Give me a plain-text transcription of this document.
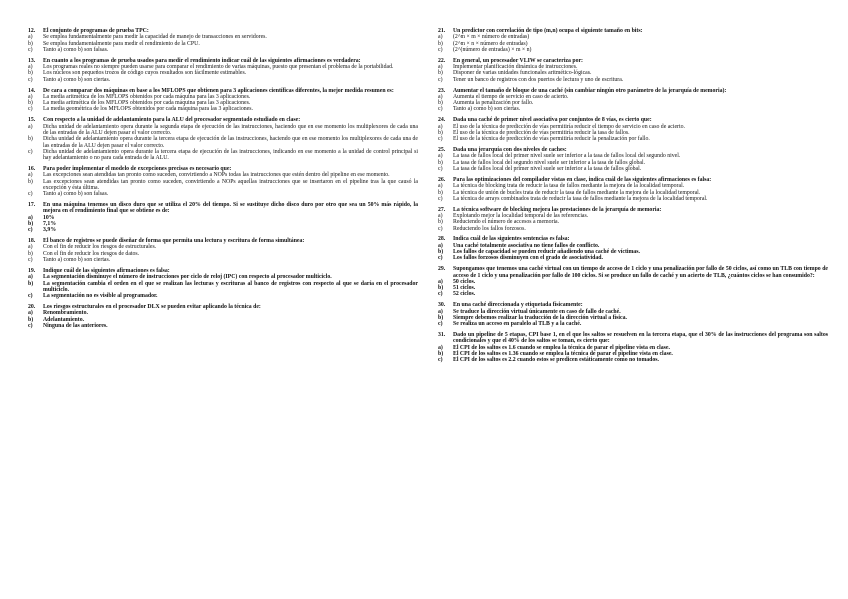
12.	El conjunto de programas de prueba TPC:
a)	Se emplea fundamentalmente para medir la capacidad de manejo de transacciones en servidores.
b)	Se emplea fundamentalmente para medir el rendimiento de la CPU.
c)	Tanto a) como b) son falsas.
13.	En cuanto a los programas de prueba usados para medir el rendimiento indicar cuál de las siguientes afirmaciones es verdadera:
a)	Los programas reales no siempre pueden usarse para comparar el rendimiento de varias máquinas, puesto que presentan el problema de la portabilidad.
b)	Los núcleos son pequeños trozos de código cuyos resultados son fácilmente estimables.
c)	Tanto a) como b) son ciertas.
14.	De cara a comparar dos máquinas en base a los MFLOPS que obtienen para 3 aplicaciones científicas diferentes, la mejor medida resumen es:
a)	La media aritmética de los MFLOPS obtenidos por cada máquina para las 3 aplicaciones.
b)	La media aritmética de los MFLOPS obtenidos por cada máquina para las 3 aplicaciones.
c)	La media geométrica de los MFLOPS obtenidos por cada máquina para las 3 aplicaciones.
15.	Con respecto a la unidad de adelantamiento para la ALU del procesador segmentado estudiado en clase:
a)	Dicha unidad de adelantamiento opera durante la segunda etapa de ejecución de las instrucciones, haciendo que en ese momento los multiplexores de cada una de las entradas de la ALU dejen pasar el valor correcto.
b)	Dicha unidad de adelantamiento opera durante la tercera etapa de ejecución de las instrucciones, haciendo que en ese momento los multiplexores de cada una de las entradas de la ALU dejen pasar el valor correcto.
c)	Dicha unidad de adelantamiento opera durante la tercera etapa de ejecución de las instrucciones, indicando en ese momento a la unidad de control principal si hay adelantamiento o no para cada entrada de la ALU.
16.	Para poder implementar el modelo de excepciones precisas es necesario que:
a)	Las excepciones sean atendidas tan pronto como suceden, convirtiendo a NOPs todas las instrucciones que estén dentro del pipeline en ese momento.
b)	Las excepciones sean atendidas tan pronto como suceden, convirtiendo a NOPs aquellas instrucciones que se insertaron en el pipeline tras la que causó la excepción y ésta última.
c)	Tanto a) como b) son falsas.
17.	En una máquina tenemos un disco duro que se utiliza el 20% del tiempo. Si se sustituye dicho disco duro por otro que sea un 50% más rápido, la mejora en el rendimiento final que se obtiene es de:
a)	10%
b)	7,1%
c)	3,9%
18.	El banco de registros se puede diseñar de forma que permita una lectura y escritura de forma simultánea:
a)	Con el fin de reducir los riesgos de estructurales.
b)	Con el fin de reducir los riesgos de datos.
c)	Tanto a) como b) son ciertas.
19.	Indique cuál de las siguientes afirmaciones es falsa:
a)	La segmentación disminuye el número de instrucciones por ciclo de reloj (IPC) con respecto al procesador multiciclo.
b)	La segmentación cambia el orden en el que se realizan las lecturas y escrituras al banco de registros con respecto al que se daría en el procesador multiciclo.
c)	La segmentación no es visible al programador.
20.	Los riesgos estructurales en el procesador DLX se pueden evitar aplicando la técnica de:
a)	Renombramiento.
b)	Adelantamiento.
c)	Ninguna de las anteriores.
21.	Un predictor con correlación de tipo (m,n) ocupa el siguiente tamaño en bits:
a)	(2^m × m × número de entradas)
b)	(2^m × n × número de entradas)
c)	(2^(número de entradas) × m × n)
22.	En general, un procesador VLIW se caracteriza por:
a)	Implementar planificación dinámica de instrucciones.
b)	Disponer de varias unidades funcionales aritmético-lógicas.
c)	Tener un banco de registros con dos puertos de lectura y uno de escritura.
23.	Aumentar el tamaño de bloque de una caché (sin cambiar ningún otro parámetro de la jerarquía de memoria):
a)	Aumenta el tiempo de servicio en caso de acierto.
b)	Aumenta la penalización por fallo.
c)	Tanto a) como b) son ciertas.
24.	Dada una caché de primer nivel asociativa por conjuntos de 8 vías, es cierto que:
a)	El uso de la técnica de predicción de vías permitiría reducir el tiempo de servicio en caso de acierto.
b)	El uso de la técnica de predicción de vías permitiría reducir la tasa de fallos.
c)	El uso de la técnica de predicción de vías permitiría reducir la penalización por fallo.
25.	Dada una jerarquía con dos niveles de caches:
a)	La tasa de fallos local del primer nivel suele ser inferior a la tasa de fallos local del segundo nivel.
b)	La tasa de fallos local del segundo nivel suele ser inferior a la tasa de fallos global.
c)	La tasa de fallos local del primer nivel suele ser inferior a la tasa de fallos global.
26.	Para las optimizaciones del compilador vistas en clase, indica cuál de las siguientes afirmaciones es falsa:
a)	La técnica de blocking trata de reducir la tasa de fallos mediante la mejora de la localidad temporal.
b)	La técnica de unión de bucles trata de reducir la tasa de fallos mediante la mejora de la localidad temporal.
c)	La técnica de arrays combinados trata de reducir la tasa de fallos mediante la mejora de la localidad temporal.
27.	La técnica software de blocking mejora las prestaciones de la jerarquía de memoria:
a)	Explotando mejor la localidad temporal de las referencias.
b)	Reduciendo el número de accesos a memoria.
c)	Reduciendo los fallos forzosos.
28.	Indica cuál de las siguientes sentencias es falsa:
a)	Una caché totalmente asociativa no tiene fallos de conflicto.
b)	Los fallos de capacidad se pueden reducir añadiendo una caché de víctimas.
c)	Los fallos forzosos disminuyen con el grado de asociatividad.
29.	Supongamos que tenemos una caché virtual con un tiempo de acceso de 1 ciclo y una penalización por fallo de 50 ciclos, así como un TLB con tiempo de acceso de 1 ciclo y una penalización por fallo de 100 ciclos. Si se produce un fallo de caché y un acierto de TLB, ¿cuántos ciclos se han consumido?:
a)	50 ciclos.
b)	51 ciclos.
c)	52 ciclos.
30.	En una caché direccionada y etiquetada físicamente:
a)	Se traduce la dirección virtual únicamente en caso de fallo de caché.
b)	Siempre debemos realizar la traducción de la dirección virtual a física.
c)	Se realiza un acceso en paralelo al TLB y a la caché.
31.	Dado un pipeline de 5 etapas, CPI base 1, en el que los saltos se resuelven en la tercera etapa, que el 30% de las instrucciones del programa son saltos condicionales y que el 40% de los saltos se toman, es cierto que:
a)	El CPI de los saltos es 1.6 cuando se emplea la técnica de parar el pipeline vista en clase.
b)	El CPI de los saltos es 1.36 cuando se emplea la técnica de parar el pipeline vista en clase.
c)	El CPI de los saltos es 2.2 cuando estos se predicen estáticamente como no tomados.
